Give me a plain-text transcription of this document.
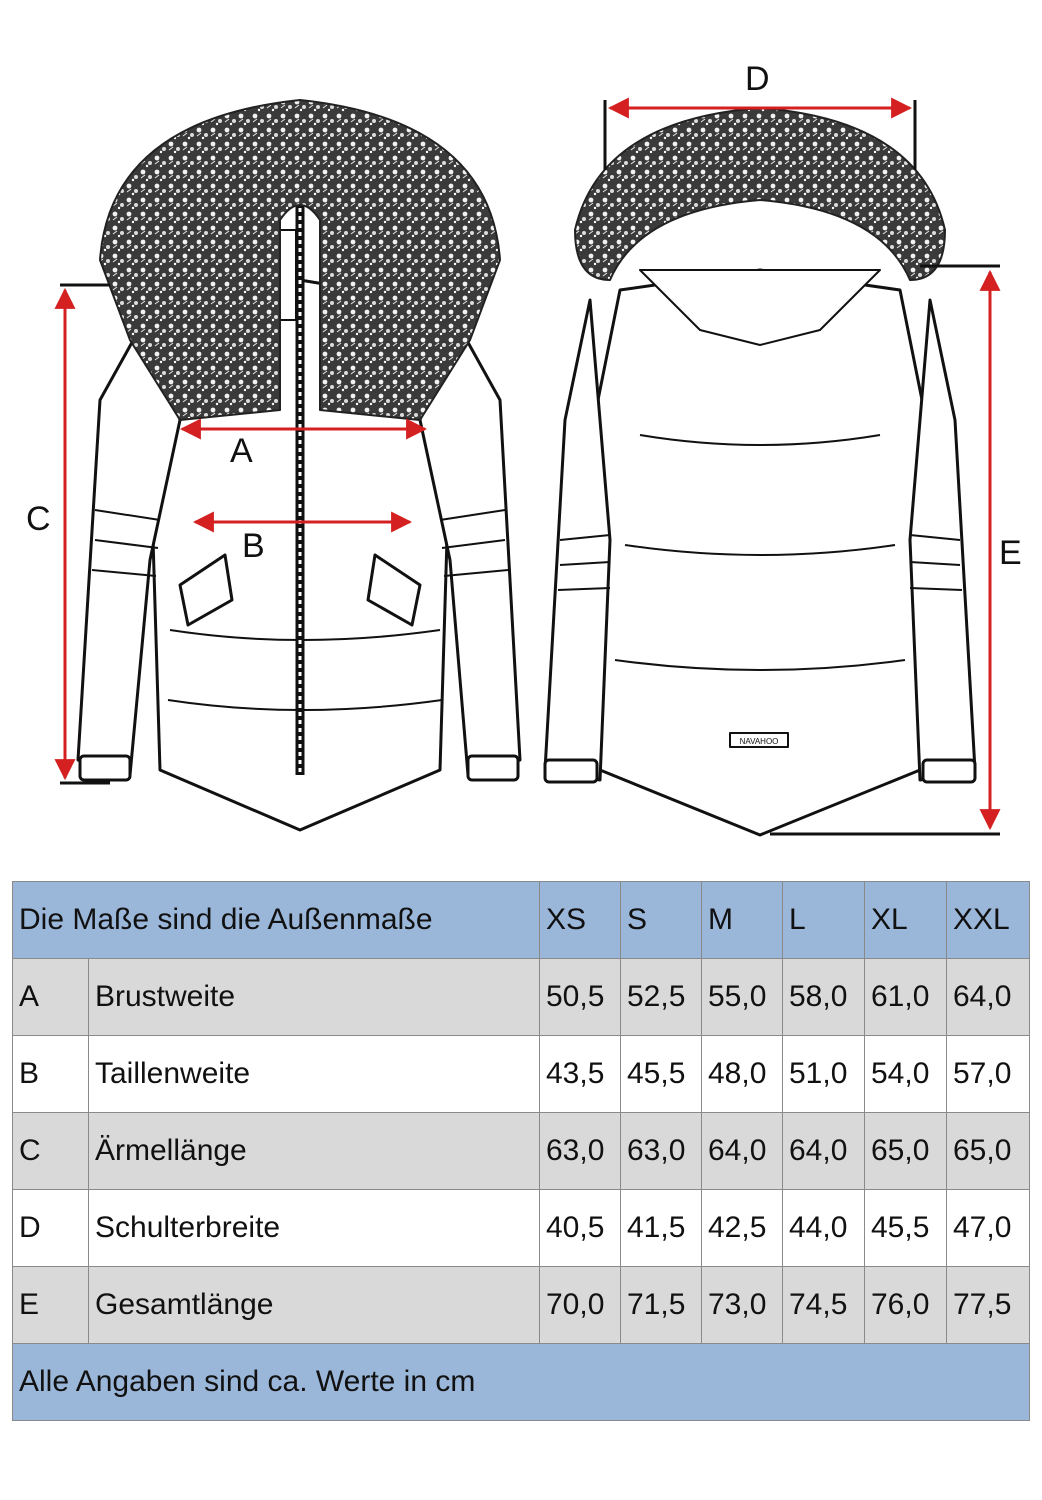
NAVAHOO
A
B
C
D
E
Die Maße sind die Außenmaße		XS	S	M	L	XL	XXL
A	Brustweite	50,5	52,5	55,0	58,0	61,0	64,0
B	Taillenweite	43,5	45,5	48,0	51,0	54,0	57,0
C	Ärmellänge	63,0	63,0	64,0	64,0	65,0	65,0
D	Schulterbreite	40,5	41,5	42,5	44,0	45,5	47,0
E	Gesamtlänge	70,0	71,5	73,0	74,5	76,0	77,5
Alle Angaben sind ca. Werte in cm							
